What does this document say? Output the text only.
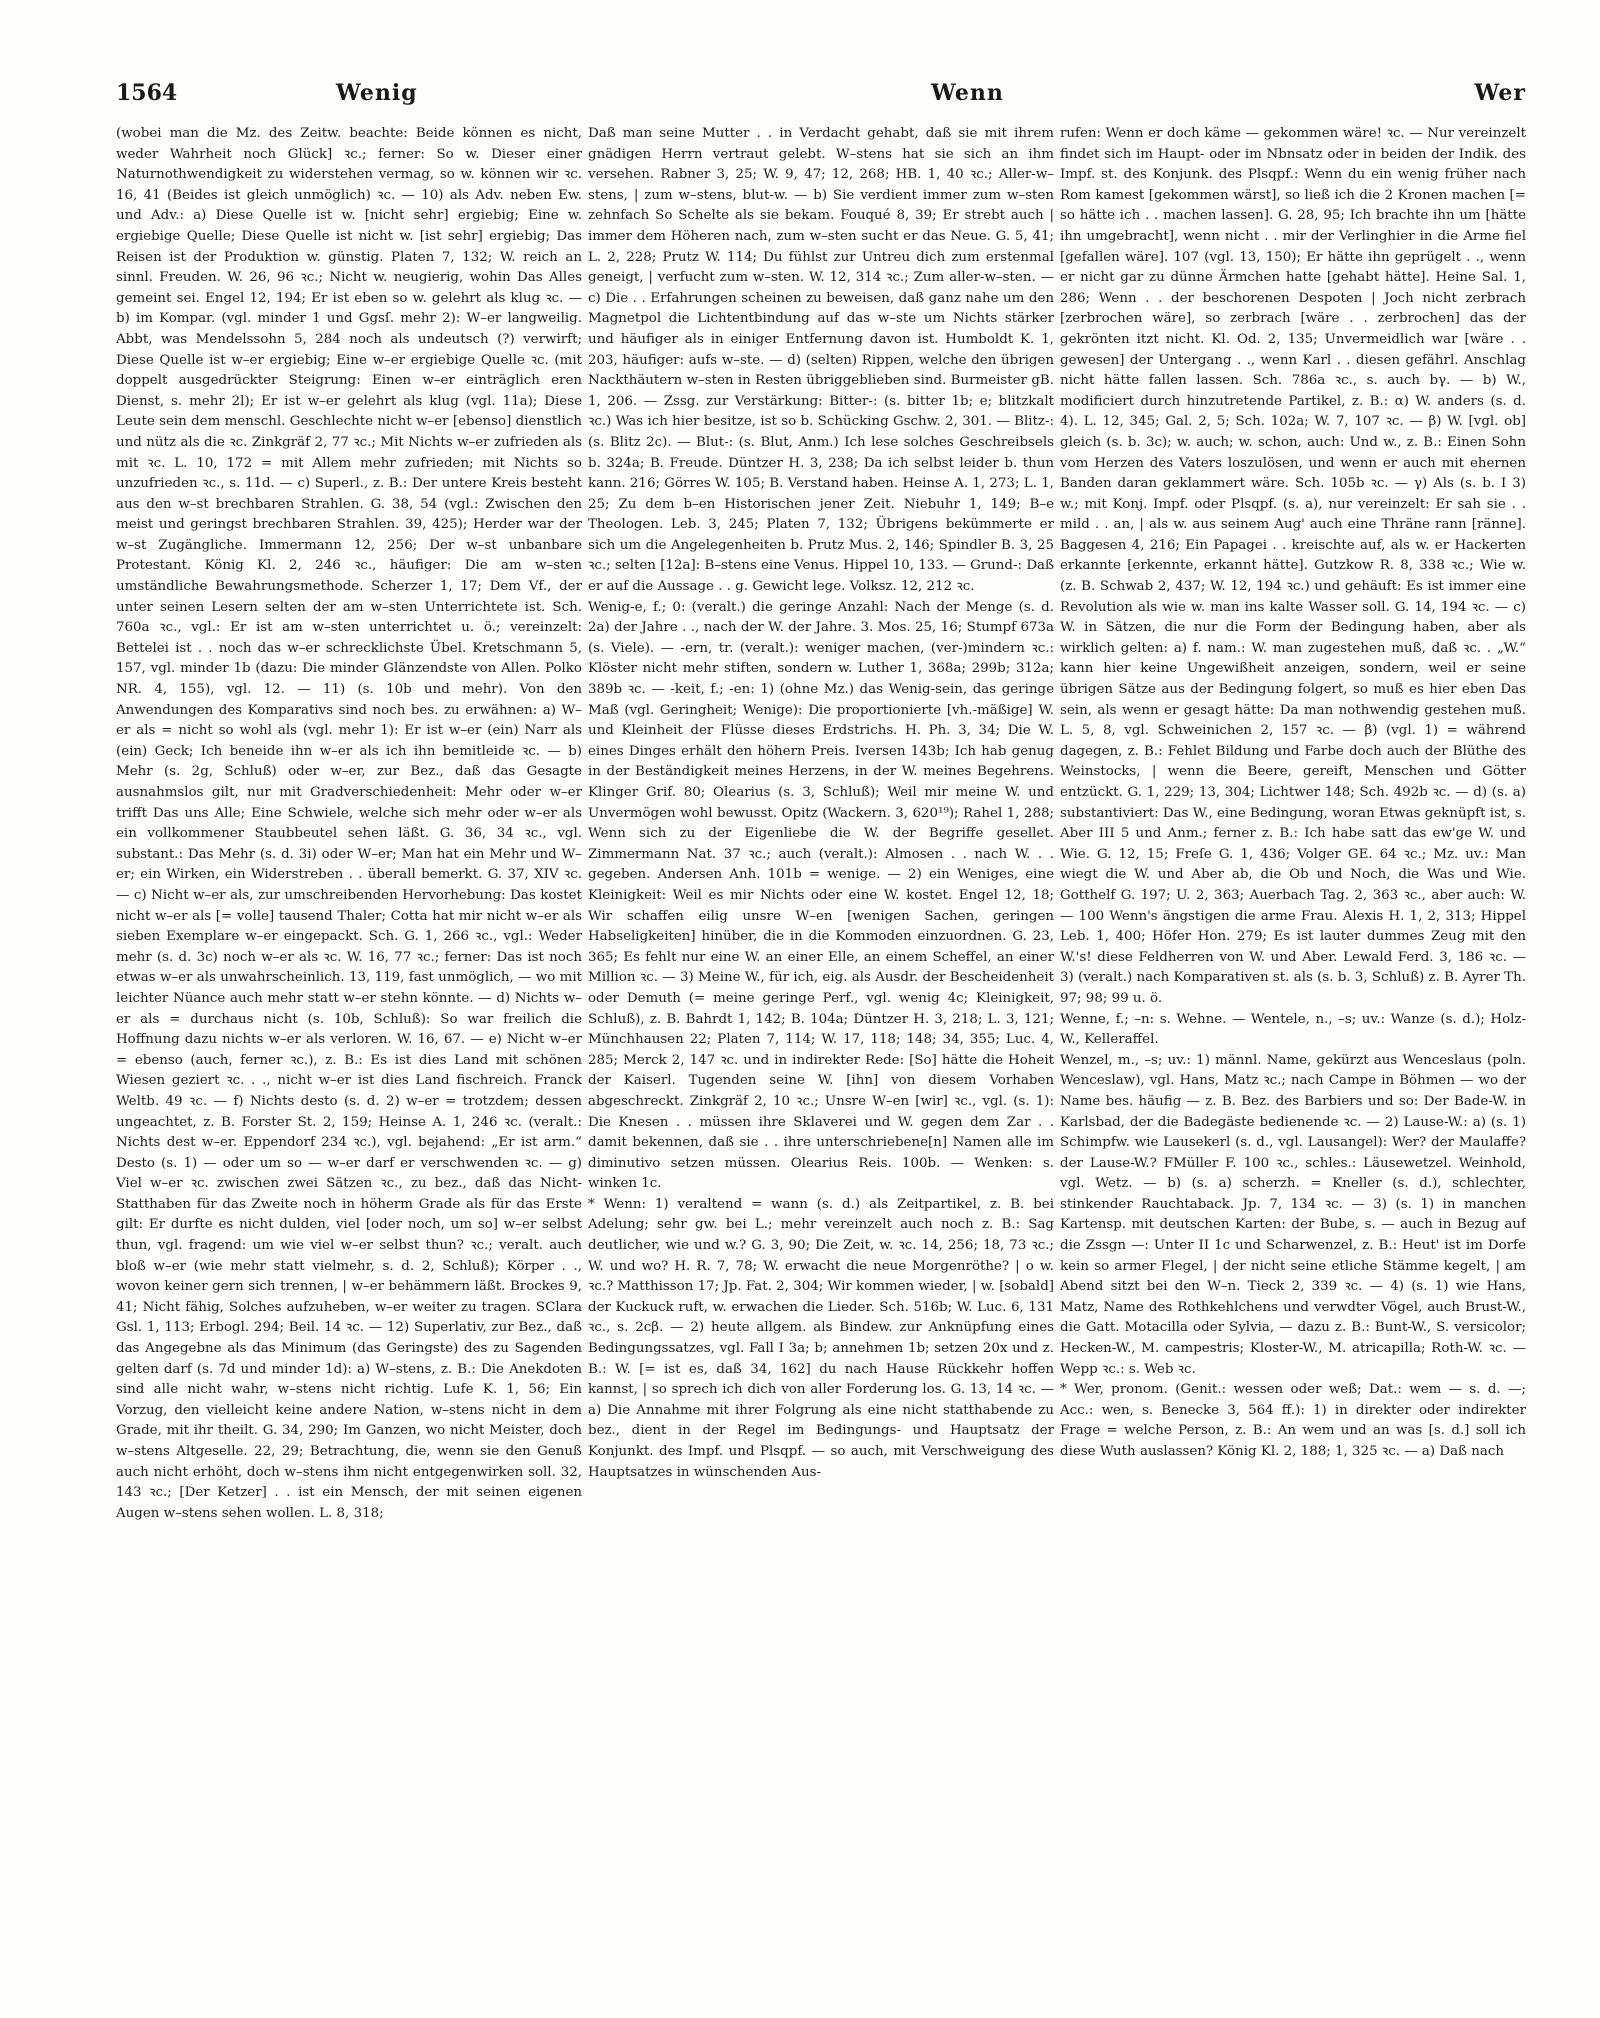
1564	Wenig	Wenn	Wer

(wobei man die Mz. des Zeitw. beachte: Beide können es nicht, weder Wahrheit noch Glück] ꝛc.; ferner: So w. Dieser einer Naturnothwendigkeit zu widerstehen vermag, so w. können wir ꝛc. 16, 41 (Beides ist gleich unmöglich) ꝛc. — 10) als Adv. neben Ew. und Adv.: a) Diese Quelle ist w. [nicht sehr] ergiebig; Eine w. ergiebige Quelle; Diese Quelle ist nicht w. [ist sehr] ergiebig; Das Reisen ist der Produktion w. günstig. Platen 7, 132; W. reich an sinnl. Freuden. W. 26, 96 ꝛc.; Nicht w. neugierig, wohin Das Alles gemeint sei. Engel 12, 194; Er ist eben so w. gelehrt als klug ꝛc. — b) im Kompar. (vgl. minder 1 und Ggsſ. mehr 2): W–er langweilig. Abbt, was Mendelssohn 5, 284 noch als undeutsch (?) verwirft; Diese Quelle ist w–er ergiebig; Eine w–er ergiebige Quelle ꝛc. (mit doppelt ausgedrückter Steigrung: Einen w–er einträglich eren Dienst, s. mehr 2l); Er ist w–er gelehrt als klug (vgl. 11a); Diese Leute sein dem menschl. Geschlechte nicht w–er [ebenso] dienstlich und nütz als die ꝛc. Zinkgräf 2, 77 ꝛc.; Mit Nichts w–er zufrieden als mit ꝛc. L. 10, 172 = mit Allem mehr zufrieden; mit Nichts so unzufrieden ꝛc., s. 11d. — c) Superl., z. B.: Der untere Kreis besteht aus den w–st brechbaren Strahlen. G. 38, 54 (vgl.: Zwischen den meist und geringst brechbaren Strahlen. 39, 425); Herder war der w–st Zugängliche. Immermann 12, 256; Der w–st unbanbare Protestant. König Kl. 2, 246 ꝛc., häufiger: Die am w–sten umständliche Bewahrungsmethode. Scherzer 1, 17; Dem Vf., der unter seinen Lesern selten der am w–sten Unterrichtete ist. Sch. 760a ꝛc., vgl.: Er ist am w–sten unterrichtet u. ö.; vereinzelt: Bettelei ist . . noch das w–er schrecklichste Übel. Kretschmann 5, 157, vgl. minder 1b (dazu: Die minder Glänzendste von Allen. Polko NR. 4, 155), vgl. 12. — 11) (s. 10b und mehr). Von den Anwendungen des Komparativs sind noch bes. zu erwähnen: a) W–er als = nicht so wohl als (vgl. mehr 1): Er ist w–er (ein) Narr als (ein) Geck; Ich beneide ihn w–er als ich ihn bemitleide ꝛc. — b) Mehr (s. 2g, Schluß) oder w–er, zur Bez., daß das Gesagte ausnahmslos gilt, nur mit Gradverschiedenheit: Mehr oder w–er trifft Das uns Alle; Eine Schwiele, welche sich mehr oder w–er als ein vollkommener Staubbeutel sehen läßt. G. 36, 34 ꝛc., vgl. substant.: Das Mehr (s. d. 3i) oder W–er; Man hat ein Mehr und W–er; ein Wirken, ein Widerstreben . . überall bemerkt. G. 37, XIV ꝛc. — c) Nicht w–er als, zur umschreibenden Hervorhebung: Das kostet nicht w–er als [= volle] tausend Thaler; Cotta hat mir nicht w–er als sieben Exemplare w–er eingepackt. Sch. G. 1, 266 ꝛc., vgl.: Weder mehr (s. d. 3c) noch w–er als ꝛc. W. 16, 77 ꝛc.; ferner: Das ist noch etwas w–er als unwahrscheinlich. 13, 119, fast unmöglich, — wo mit leichter Nüance auch mehr statt w–er stehn könnte. — d) Nichts w–er als = durchaus nicht (s. 10b, Schluß): So war freilich die Hoffnung dazu nichts w–er als verloren. W. 16, 67. — e) Nicht w–er = ebenso (auch, ferner ꝛc.), z. B.: Es ist dies Land mit schönen Wiesen geziert ꝛc. . ., nicht w–er ist dies Land fischreich. Franck Weltb. 49 ꝛc. — f) Nichts desto (s. d. 2) w–er = trotzdem; dessen ungeachtet, z. B. Forster St. 2, 159; Heinse A. 1, 246 ꝛc. (veralt.: Nichts dest w–er. Eppendorf 234 ꝛc.), vgl. bejahend: „Er ist arm.“ Desto (s. 1) — oder um so — w–er darf er verschwenden ꝛc. — g) Viel w–er ꝛc. zwischen zwei Sätzen ꝛc., zu bez., daß das Nicht-Statthaben für das Zweite noch in höherm Grade als für das Erste gilt: Er durfte es nicht dulden, viel [oder noch, um so] w–er selbst thun, vgl. fragend: um wie viel w–er selbst thun? ꝛc.; veralt. auch bloß w–er (wie mehr statt vielmehr, s. d. 2, Schluß); Körper . ., wovon keiner gern sich trennen, | w–er behämmern läßt. Brockes 9, 41; Nicht fähig, Solches aufzuheben, w–er weiter zu tragen. SClara Gsl. 1, 113; Erbogl. 294; Beil. 14 ꝛc. — 12) Superlativ, zur Bez., daß das Angegebne als das Minimum (das Geringste) des zu Sagenden gelten darf (s. 7d und minder 1d): a) W–stens, z. B.: Die Anekdoten sind alle nicht wahr, w–stens nicht richtig. Lufe K. 1, 56; Ein Vorzug, den vielleicht keine andere Nation, w–stens nicht in dem Grade, mit ihr theilt. G. 34, 290; Im Ganzen, wo nicht Meister, doch w–stens Altgeselle. 22, 29; Betrachtung, die, wenn sie den Genuß auch nicht erhöht, doch w–stens ihm nicht entgegenwirken soll. 32, 143 ꝛc.; [Der Ketzer] . . ist ein Mensch, der mit seinen eigenen Augen w–stens sehen wollen. L. 8, 318;

Daß man seine Mutter . . in Verdacht gehabt, daß sie mit ihrem gnädigen Herrn vertraut gelebt. W–stens hat sie sich an ihm versehen. Rabner 3, 25; W. 9, 47; 12, 268; HB. 1, 40 ꝛc.; Aller-w–stens, | zum w–stens, blut-w. — b) Sie verdient immer zum w–sten zehnfach So Schelte als sie bekam. Fouqué 8, 39; Er strebt auch | immer dem Höheren nach, zum w–sten sucht er das Neue. G. 5, 41; L. 2, 228; Prutz W. 114; Du fühlst zur Untreu dich zum erstenmal geneigt, | verfucht zum w–sten. W. 12, 314 ꝛc.; Zum aller-w–sten. — c) Die . . Erfahrungen scheinen zu beweisen, daß ganz nahe um den Magnetpol die Lichtentbindung auf das w–ste um Nichts stärker und häufiger als in einiger Entfernung davon ist. Humboldt K. 1, 203, häufiger: aufs w–ste. — d) (selten) Rippen, welche den übrigen Nackthäutern w–sten in Resten übriggeblieben sind. Burmeister gB. 1, 206. — Zssg. zur Verstärkung: Bitter-: (s. bitter 1b; e; blitzkalt ꝛc.) Was ich hier besitze, ist so b. Schücking Gschw. 2, 301. — Blitz-: (s. Blitz 2c). — Blut-: (s. Blut, Anm.) Ich lese solches Geschreibsels b. 324a; B. Freude. Düntzer H. 3, 238; Da ich selbst leider b. thun kann. 216; Görres W. 105; B. Verstand haben. Heinse A. 1, 273; L. 1, 25; Zu dem b–en Historischen jener Zeit. Niebuhr 1, 149; B–e Theologen. Leb. 3, 245; Platen 7, 132; Übrigens bekümmerte er sich um die Angelegenheiten b. Prutz Mus. 2, 146; Spindler B. 3, 25 ꝛc.; selten [12a]: B–stens eine Venus. Hippel 10, 133. — Grund-: Daß er auf die Aussage . . g. Gewicht lege. Volksz. 12, 212 ꝛc.

Wenig-e, f.; 0: (veralt.) die geringe Anzahl: Nach der Menge (s. d. 2a) der Jahre . ., nach der W. der Jahre. 3. Mos. 25, 16; Stumpf 673a (s. Viele). — -ern, tr. (veralt.): weniger machen, (ver-)mindern ꝛc.: Klöster nicht mehr stiften, sondern w. Luther 1, 368a; 299b; 312a; 389b ꝛc. — -keit, f.; -en: 1) (ohne Mz.) das Wenig-sein, das geringe Maß (vgl. Geringheit; Wenige): Die proportionierte [vh.-mäßige] W. und Kleinheit der Flüsse dieses Erdstrichs. H. Ph. 3, 34; Die W. eines Dinges erhält den höhern Preis. Iversen 143b; Ich hab genug in der Beständigkeit meines Herzens, in der W. meines Begehrens. Klinger Grif. 80; Olearius (s. 3, Schluß); Weil mir meine W. und Unvermögen wohl bewusst. Opitz (Wackern. 3, 620¹⁹); Rahel 1, 288; Wenn sich zu der Eigenliebe die W. der Begriffe gesellet. Zimmermann Nat. 37 ꝛc.; auch (veralt.): Almosen . . nach W. . . gegeben. Andersen Anh. 101b = wenige. — 2) ein Weniges, eine Kleinigkeit: Weil es mir Nichts oder eine W. kostet. Engel 12, 18; Wir schaffen eilig unsre W–en [wenigen Sachen, geringen Habseligkeiten] hinüber, die in die Kommoden einzuordnen. G. 23, 365; Es fehlt nur eine W. an einer Elle, an einem Scheffel, an einer Million ꝛc. — 3) Meine W., für ich, eig. als Ausdr. der Bescheidenheit oder Demuth (= meine geringe Perf., vgl. wenig 4c; Kleinigkeit, Schluß), z. B. Bahrdt 1, 142; B. 104a; Düntzer H. 3, 218; L. 3, 121; Münchhausen 22; Platen 7, 114; W. 17, 118; 148; 34, 355; Luc. 4, 285; Merck 2, 147 ꝛc. und in indirekter Rede: [So] hätte die Hoheit der Kaiserl. Tugenden seine W. [ihn] von diesem Vorhaben abgeschreckt. Zinkgräf 2, 10 ꝛc.; Unsre W–en [wir] ꝛc., vgl. (s. 1): Die Knesen . . müssen ihre Sklaverei und W. gegen dem Zar . . damit bekennen, daß sie . . ihre unterschriebene[n] Namen alle im diminutivo setzen müssen. Olearius Reis. 100b. — Wenken: s. winken 1c.

* Wenn: 1) veraltend = wann (s. d.) als Zeitpartikel, z. B. bei Adelung; sehr gw. bei L.; mehr vereinzelt auch noch z. B.: Sag deutlicher, wie und w.? G. 3, 90; Die Zeit, w. ꝛc. 14, 256; 18, 73 ꝛc.; W. und wo? H. R. 7, 78; W. erwacht die neue Morgenröthe? | o w. ꝛc.? Matthisson 17; Jp. Fat. 2, 304; Wir kommen wieder, | w. [sobald] der Kuckuck ruft, w. erwachen die Lieder. Sch. 516b; W. Luc. 6, 131 ꝛc., s. 2cβ. — 2) heute allgem. als Bindew. zur Anknüpfung eines Bedingungssatzes, vgl. Fall I 3a; b; annehmen 1b; setzen 20x und z. B.: W. [= ist es, daß 34, 162] du nach Hause Rückkehr hoffen kannst, | so sprech ich dich von aller Forderung los. G. 13, 14 ꝛc. — a) Die Annahme mit ihrer Folgrung als eine nicht statthabende zu bez., dient in der Regel im Bedingungs- und Hauptsatz der Konjunkt. des Impf. und Plsqpf. — so auch, mit Verschweigung des Hauptsatzes in wünschenden Aus-

rufen: Wenn er doch käme — gekommen wäre! ꝛc. — Nur vereinzelt findet sich im Haupt- oder im Nbnsatz oder in beiden der Indik. des Impf. st. des Konjunk. des Plsqpf.: Wenn du ein wenig früher nach Rom kamest [gekommen wärst], so ließ ich die 2 Kronen machen [= so hätte ich . . machen lassen]. G. 28, 95; Ich brachte ihn um [hätte ihn umgebracht], wenn nicht . . mir der Verlinghier in die Arme fiel [gefallen wäre]. 107 (vgl. 13, 150); Er hätte ihn geprügelt . ., wenn er nicht gar zu dünne Ärmchen hatte [gehabt hätte]. Heine Sal. 1, 286; Wenn . . der beschorenen Despoten | Joch nicht zerbrach [zerbrochen wäre], so zerbrach [wäre . . zerbrochen] das der gekrönten itzt nicht. Kl. Od. 2, 135; Unvermeidlich war [wäre . . gewesen] der Untergang . ., wenn Karl . . diesen gefährl. Anschlag nicht hätte fallen lassen. Sch. 786a ꝛc., s. auch bγ. — b) W., modificiert durch hinzutretende Partikel, z. B.: α) W. anders (s. d. 4). L. 12, 345; Gal. 2, 5; Sch. 102a; W. 7, 107 ꝛc. — β) W. [vgl. ob] gleich (s. b. 3c); w. auch; w. schon, auch: Und w., z. B.: Einen Sohn vom Herzen des Vaters loszulösen, und wenn er auch mit ehernen Banden daran geklammert wäre. Sch. 105b ꝛc. — γ) Als (s. b. I 3) w.; mit Konj. Impf. oder Plsqpf. (s. a), nur vereinzelt: Er sah sie . . mild . . an, | als w. aus seinem Aug' auch eine Thräne rann [ränne]. Baggesen 4, 216; Ein Papagei . . kreischte auf, als w. er Hackerten erkannte [erkennte, erkannt hätte]. Gutzkow R. 8, 338 ꝛc.; Wie w. (z. B. Schwab 2, 437; W. 12, 194 ꝛc.) und gehäuft: Es ist immer eine Revolution als wie w. man ins kalte Wasser soll. G. 14, 194 ꝛc. — c) W. in Sätzen, die nur die Form der Bedingung haben, aber als wirklich gelten: a) f. nam.: W. man zugestehen muß, daß ꝛc. . „W.“ kann hier keine Ungewißheit anzeigen, sondern, weil er seine übrigen Sätze aus der Bedingung folgert, so muß es hier eben Das sein, als wenn er gesagt hätte: Da man nothwendig gestehen muß. L. 5, 8, vgl. Schweinichen 2, 157 ꝛc. — β) (vgl. 1) = während dagegen, z. B.: Fehlet Bildung und Farbe doch auch der Blüthe des Weinstocks, | wenn die Beere, gereift, Menschen und Götter entzückt. G. 1, 229; 13, 304; Lichtwer 148; Sch. 492b ꝛc. — d) (s. a) substantiviert: Das W., eine Bedingung, woran Etwas geknüpft ist, s. Aber III 5 und Anm.; ferner z. B.: Ich habe satt das ew'ge W. und Wie. G. 12, 15; Freſe G. 1, 436; Volger GE. 64 ꝛc.; Mz. uv.: Man wiegt die W. und Aber ab, die Ob und Noch, die Was und Wie. Gotthelf G. 197; U. 2, 363; Auerbach Tag. 2, 363 ꝛc., aber auch: W. — 100 Wenn's ängstigen die arme Frau. Alexis H. 1, 2, 313; Hippel Leb. 1, 400; Höfer Hon. 279; Es ist lauter dummes Zeug mit den W.'s! diese Feldherren von W. und Aber. Lewald Ferd. 3, 186 ꝛc. — 3) (veralt.) nach Komparativen st. als (s. b. 3, Schluß) z. B. Ayrer Th. 97; 98; 99 u. ö.

Wenne, f.; –n: s. Wehne. — Wentele, n., –s; uv.: Wanze (s. d.); Holz-W., Kelleraffel.

Wenzel, m., –s; uv.: 1) männl. Name, gekürzt aus Wenceslaus (poln. Wenceslaw), vgl. Hans, Matz ꝛc.; nach Campe in Böhmen — wo der Name bes. häufig — z. B. Bez. des Barbiers und so: Der Bade-W. in Karlsbad, der die Badegäste bedienende ꝛc. — 2) Lause-W.: a) (s. 1) Schimpfw. wie Lausekerl (s. d., vgl. Lausangel): Wer? der Maulaffe? der Lause-W.? FMüller F. 100 ꝛc., schles.: Läusewetzel. Weinhold, vgl. Wetz. — b) (s. a) scherzh. = Kneller (s. d.), schlechter, stinkender Rauchtaback. Jp. 7, 134 ꝛc. — 3) (s. 1) in manchen Kartensp. mit deutschen Karten: der Bube, s. — auch in Bezug auf die Zssgn —: Unter II 1c und Scharwenzel, z. B.: Heut' ist im Dorfe kein so armer Flegel, | der nicht seine etliche Stämme kegelt, | am Abend sitzt bei den W–n. Tieck 2, 339 ꝛc. — 4) (s. 1) wie Hans, Matz, Name des Rothkehlchens und verwdter Vögel, auch Brust-W., die Gatt. Motacilla oder Sylvia, — dazu z. B.: Bunt-W., S. versicolor; Hecken-W., M. campestris; Kloster-W., M. atricapilla; Roth-W. ꝛc. — Wepp ꝛc.: s. Web ꝛc.

* Wer, pronom. (Genit.: wessen oder weß; Dat.: wem — s. d. —; Acc.: wen, s. Benecke 3, 564 ff.): 1) in direkter oder indirekter Frage = welche Person, z. B.: An wem und an was [s. d.] soll ich diese Wuth auslassen? König Kl. 2, 188; 1, 325 ꝛc. — a) Daß nach
